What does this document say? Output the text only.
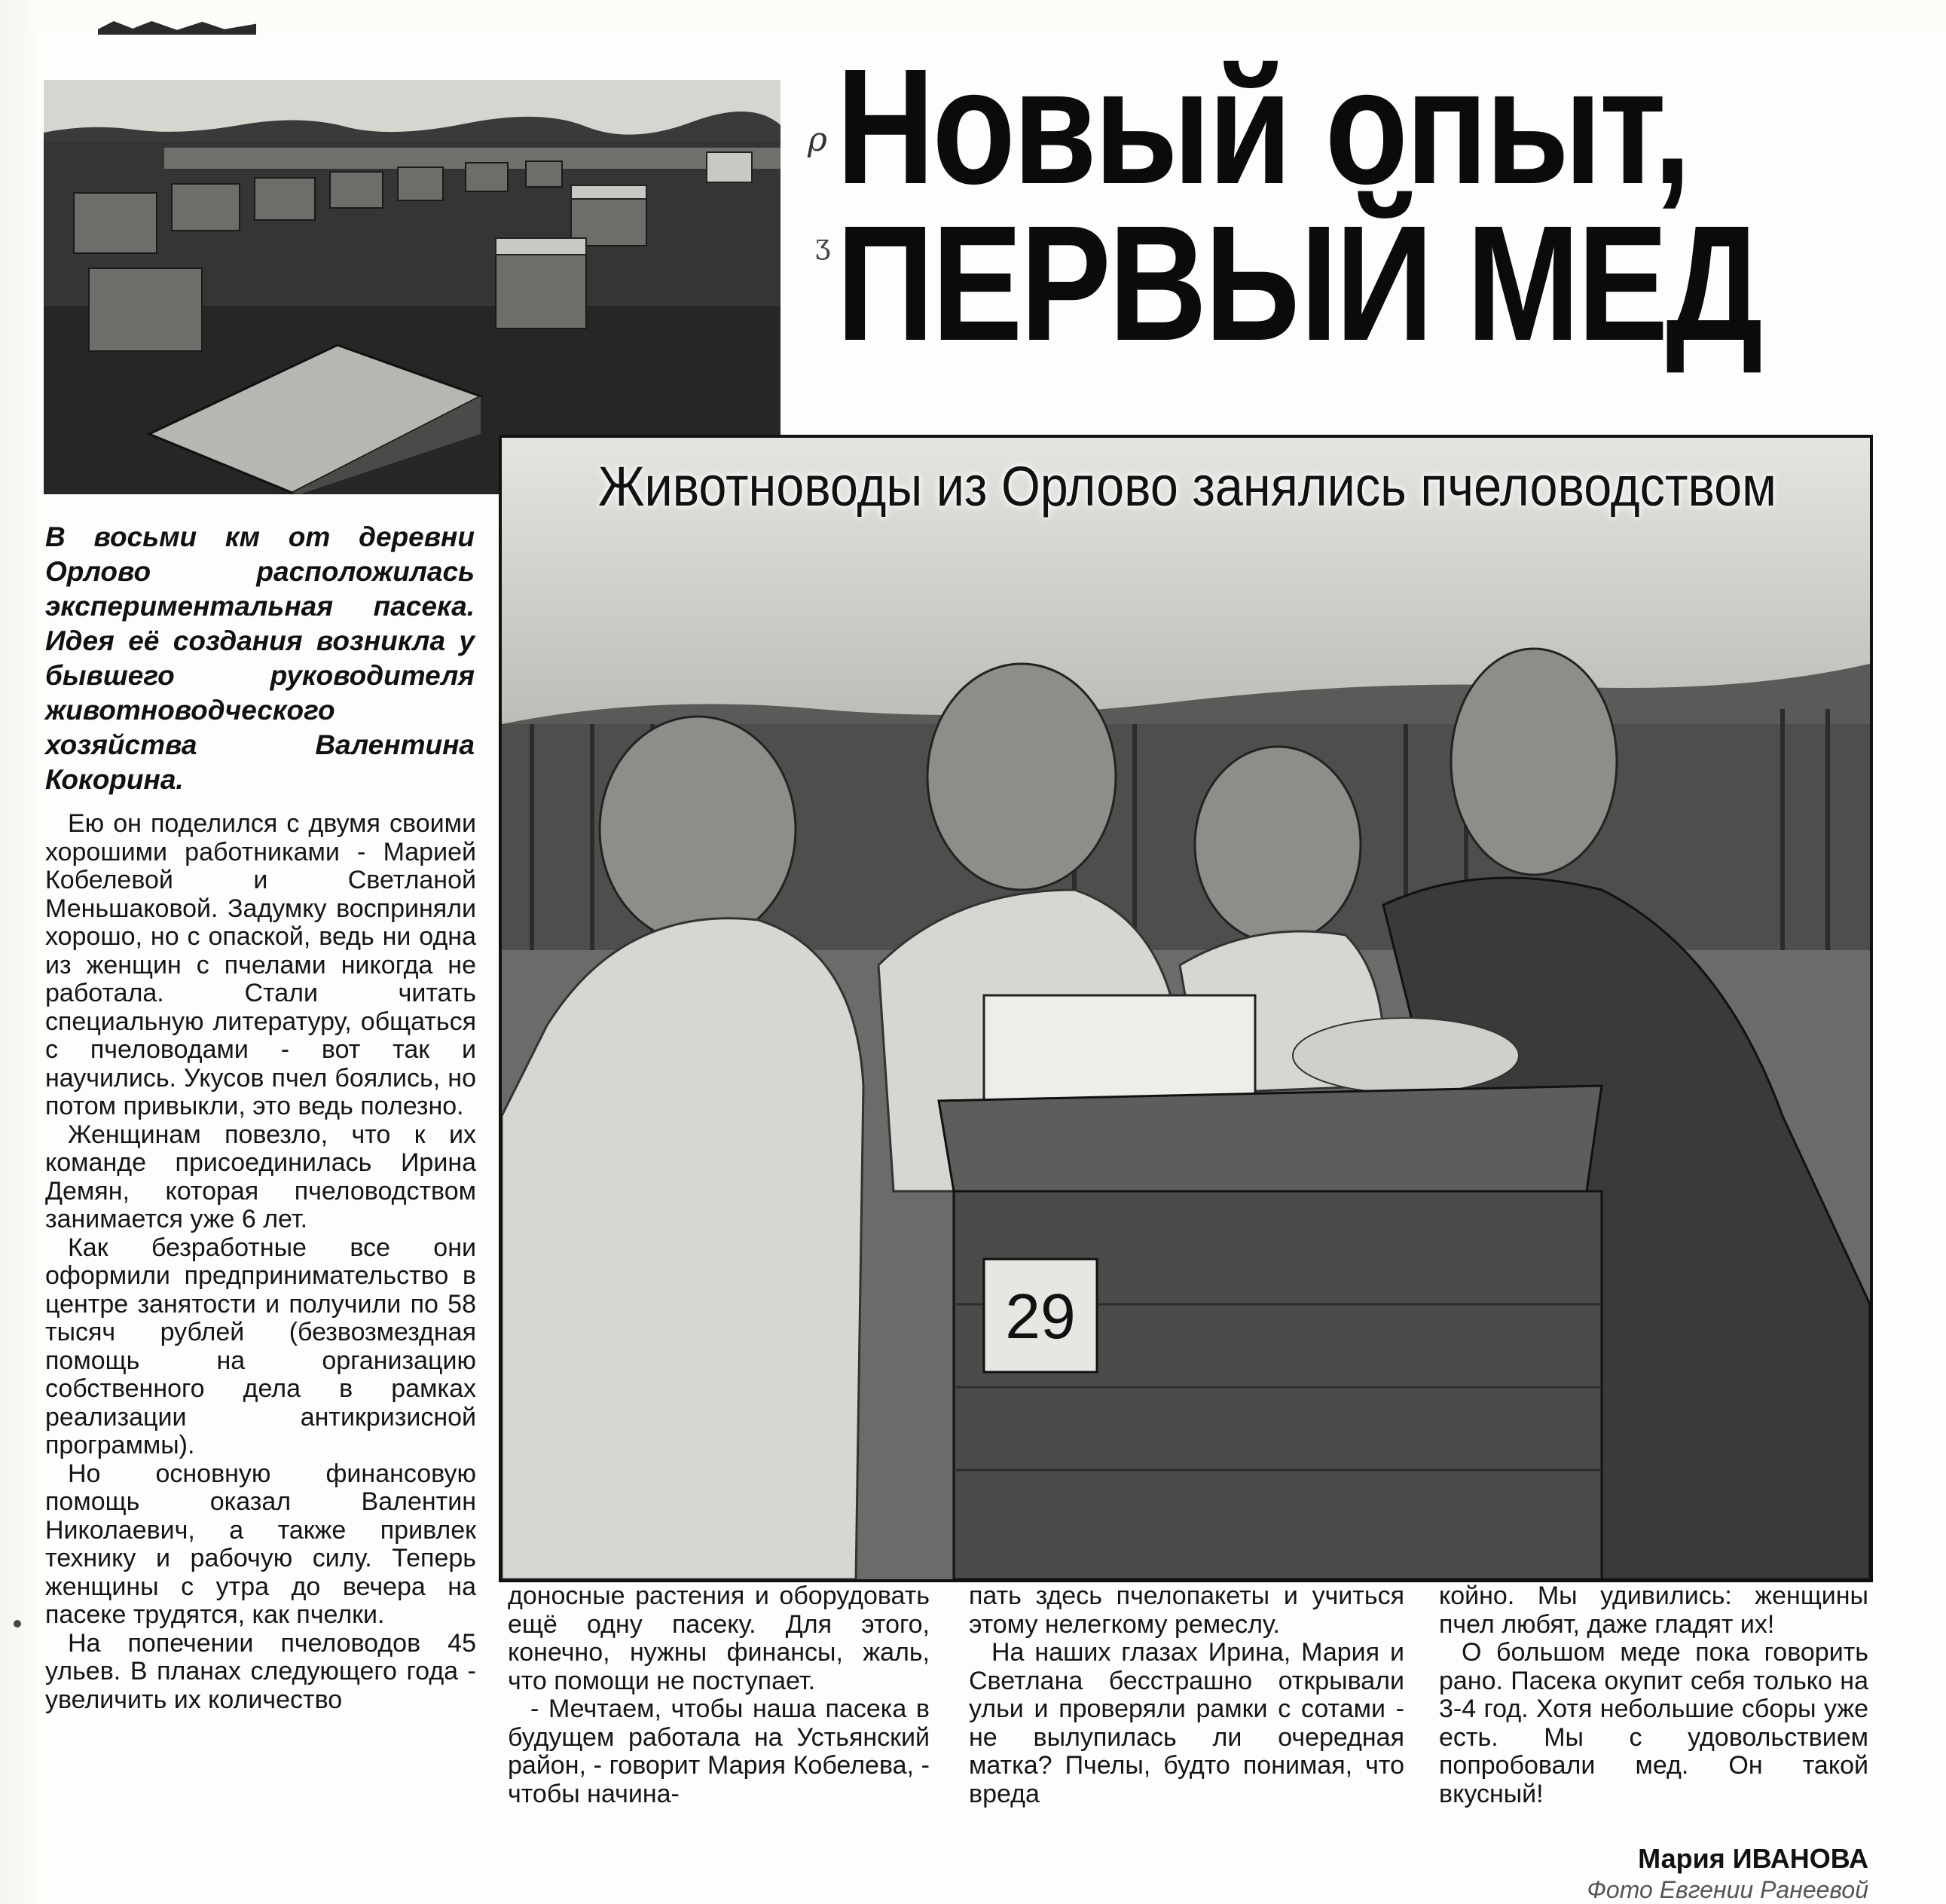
ρ
ʒ
Новый опыт,
ПЕРВЫЙ МЕД
29
Животноводы из Орлово занялись пчеловодством

В восьми км от деревни Орлово расположилась экспериментальная пасека. Идея её создания возникла у бывшего руководителя животноводческого хозяйства Валентина Кокорина.

Ею он поделился с двумя своими хорошими работниками - Марией Кобелевой и Светланой Меньшаковой. Задумку восприняли хорошо, но с опаской, ведь ни одна из женщин с пчелами никогда не работала. Стали читать специальную литературу, общаться с пчеловодами - вот так и научились. Укусов пчел боялись, но потом привыкли, это ведь полезно.

Женщинам повезло, что к их команде присоединилась Ирина Демян, которая пчеловодством занимается уже 6 лет.

Как безработные все они оформили предпринимательство в центре занятости и получили по 58 тысяч рублей (безвозмездная помощь на организацию собственного дела в рамках реализации антикризисной программы).

Но основную финансовую помощь оказал Валентин Николаевич, а также привлек технику и рабочую силу. Теперь женщины с утра до вечера на пасеке трудятся, как пчелки.

На попечении пчеловодов 45 ульев. В планах следующего года - увеличить их количество

доносные растения и оборудовать ещё одну пасеку. Для этого, конечно, нужны финансы, жаль, что помощи не поступает.

- Мечтаем, чтобы наша пасека в будущем работала на Устьянский район, - говорит Мария Кобелева, - чтобы начина-

пать здесь пчелопакеты и учиться этому нелегкому ремеслу.

На наших глазах Ирина, Мария и Светлана бесстрашно открывали ульи и проверяли рамки с сотами - не вылупилась ли очередная матка? Пчелы, будто понимая, что вреда

койно. Мы удивились: женщины пчел любят, даже гладят их!

О большом меде пока говорить рано. Пасека окупит себя только на 3-4 год. Хотя небольшие сборы уже есть. Мы с удовольствием попробовали мед. Он такой вкусный!

Мария ИВАНОВА
Фото Евгении Ранеевой
